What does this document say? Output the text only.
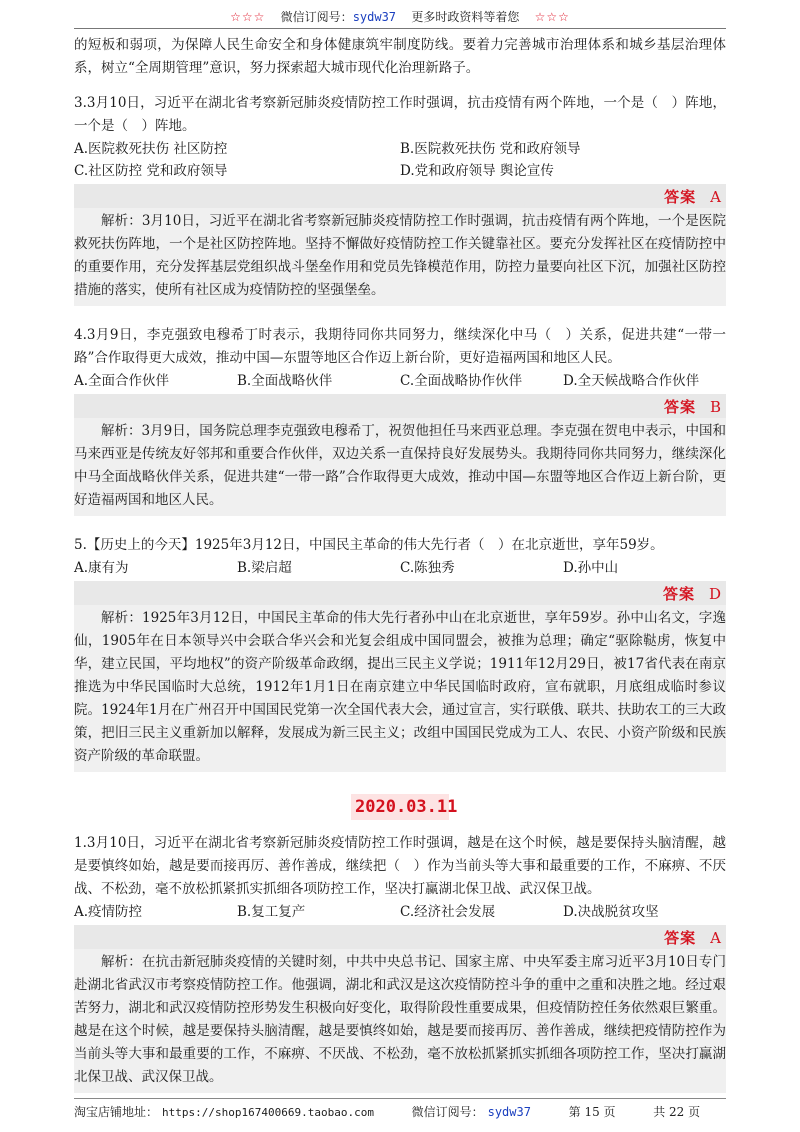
☆☆☆ 微信订阅号：sydw37 更多时政资料等着您 ☆☆☆

的短板和弱项，为保障人民生命安全和身体健康筑牢制度防线。要着力完善城市治理体系和城乡基层治理体系，树立“全周期管理”意识，努力探索超大城市现代化治理新路子。

3.3月10日，习近平在湖北省考察新冠肺炎疫情防控工作时强调，抗击疫情有两个阵地，一个是（　）阵地，一个是（　）阵地。

A.医院救死扶伤 社区防控	B.医院救死扶伤 党和政府领导
C.社区防控 党和政府领导	D.党和政府领导 舆论宣传
答案 A

解析：3月10日，习近平在湖北省考察新冠肺炎疫情防控工作时强调，抗击疫情有两个阵地，一个是医院救死扶伤阵地，一个是社区防控阵地。坚持不懈做好疫情防控工作关键靠社区。要充分发挥社区在疫情防控中的重要作用，充分发挥基层党组织战斗堡垒作用和党员先锋模范作用，防控力量要向社区下沉，加强社区防控措施的落实，使所有社区成为疫情防控的坚强堡垒。

4.3月9日，李克强致电穆希丁时表示，我期待同你共同努力，继续深化中马（　）关系，促进共建“一带一路”合作取得更大成效，推动中国—东盟等地区合作迈上新台阶，更好造福两国和地区人民。

A.全面合作伙伴	B.全面战略伙伴	C.全面战略协作伙伴	D.全天候战略合作伙伴
答案 B

解析：3月9日，国务院总理李克强致电穆希丁，祝贺他担任马来西亚总理。李克强在贺电中表示，中国和马来西亚是传统友好邻邦和重要合作伙伴，双边关系一直保持良好发展势头。我期待同你共同努力，继续深化中马全面战略伙伴关系，促进共建“一带一路”合作取得更大成效，推动中国—东盟等地区合作迈上新台阶，更好造福两国和地区人民。

5.【历史上的今天】1925年3月12日，中国民主革命的伟大先行者（　）在北京逝世，享年59岁。

A.康有为	B.梁启超	C.陈独秀	D.孙中山
答案 D

解析：1925年3月12日，中国民主革命的伟大先行者孙中山在北京逝世，享年59岁。孙中山名文，字逸仙，1905年在日本领导兴中会联合华兴会和光复会组成中国同盟会，被推为总理；确定“驱除鞑虏，恢复中华，建立民国，平均地权”的资产阶级革命政纲，提出三民主义学说；1911年12月29日，被17省代表在南京推选为中华民国临时大总统，1912年1月1日在南京建立中华民国临时政府，宣布就职，月底组成临时参议院。1924年1月在广州召开中国国民党第一次全国代表大会，通过宣言，实行联俄、联共、扶助农工的三大政策，把旧三民主义重新加以解释，发展成为新三民主义；改组中国国民党成为工人、农民、小资产阶级和民族资产阶级的革命联盟。

2020.03.11

1.3月10日，习近平在湖北省考察新冠肺炎疫情防控工作时强调，越是在这个时候，越是要保持头脑清醒，越是要慎终如始，越是要而接再厉、善作善成，继续把（　）作为当前头等大事和最重要的工作，不麻痹、不厌战、不松劲，毫不放松抓紧抓实抓细各项防控工作，坚决打赢湖北保卫战、武汉保卫战。

A.疫情防控	B.复工复产	C.经济社会发展	D.决战脱贫攻坚
答案 A

解析：在抗击新冠肺炎疫情的关键时刻，中共中央总书记、国家主席、中央军委主席习近平3月10日专门赴湖北省武汉市考察疫情防控工作。他强调，湖北和武汉是这次疫情防控斗争的重中之重和决胜之地。经过艰苦努力，湖北和武汉疫情防控形势发生积极向好变化，取得阶段性重要成果，但疫情防控任务依然艰巨繁重。越是在这个时候，越是要保持头脑清醒，越是要慎终如始，越是要而接再厉、善作善成，继续把疫情防控作为当前头等大事和最重要的工作，不麻痹、不厌战、不松劲，毫不放松抓紧抓实抓细各项防控工作，坚决打赢湖北保卫战、武汉保卫战。

淘宝店铺地址： https://shop167400669.taobao.com	微信订阅号： sydw37	第 15 页	共 22 页
